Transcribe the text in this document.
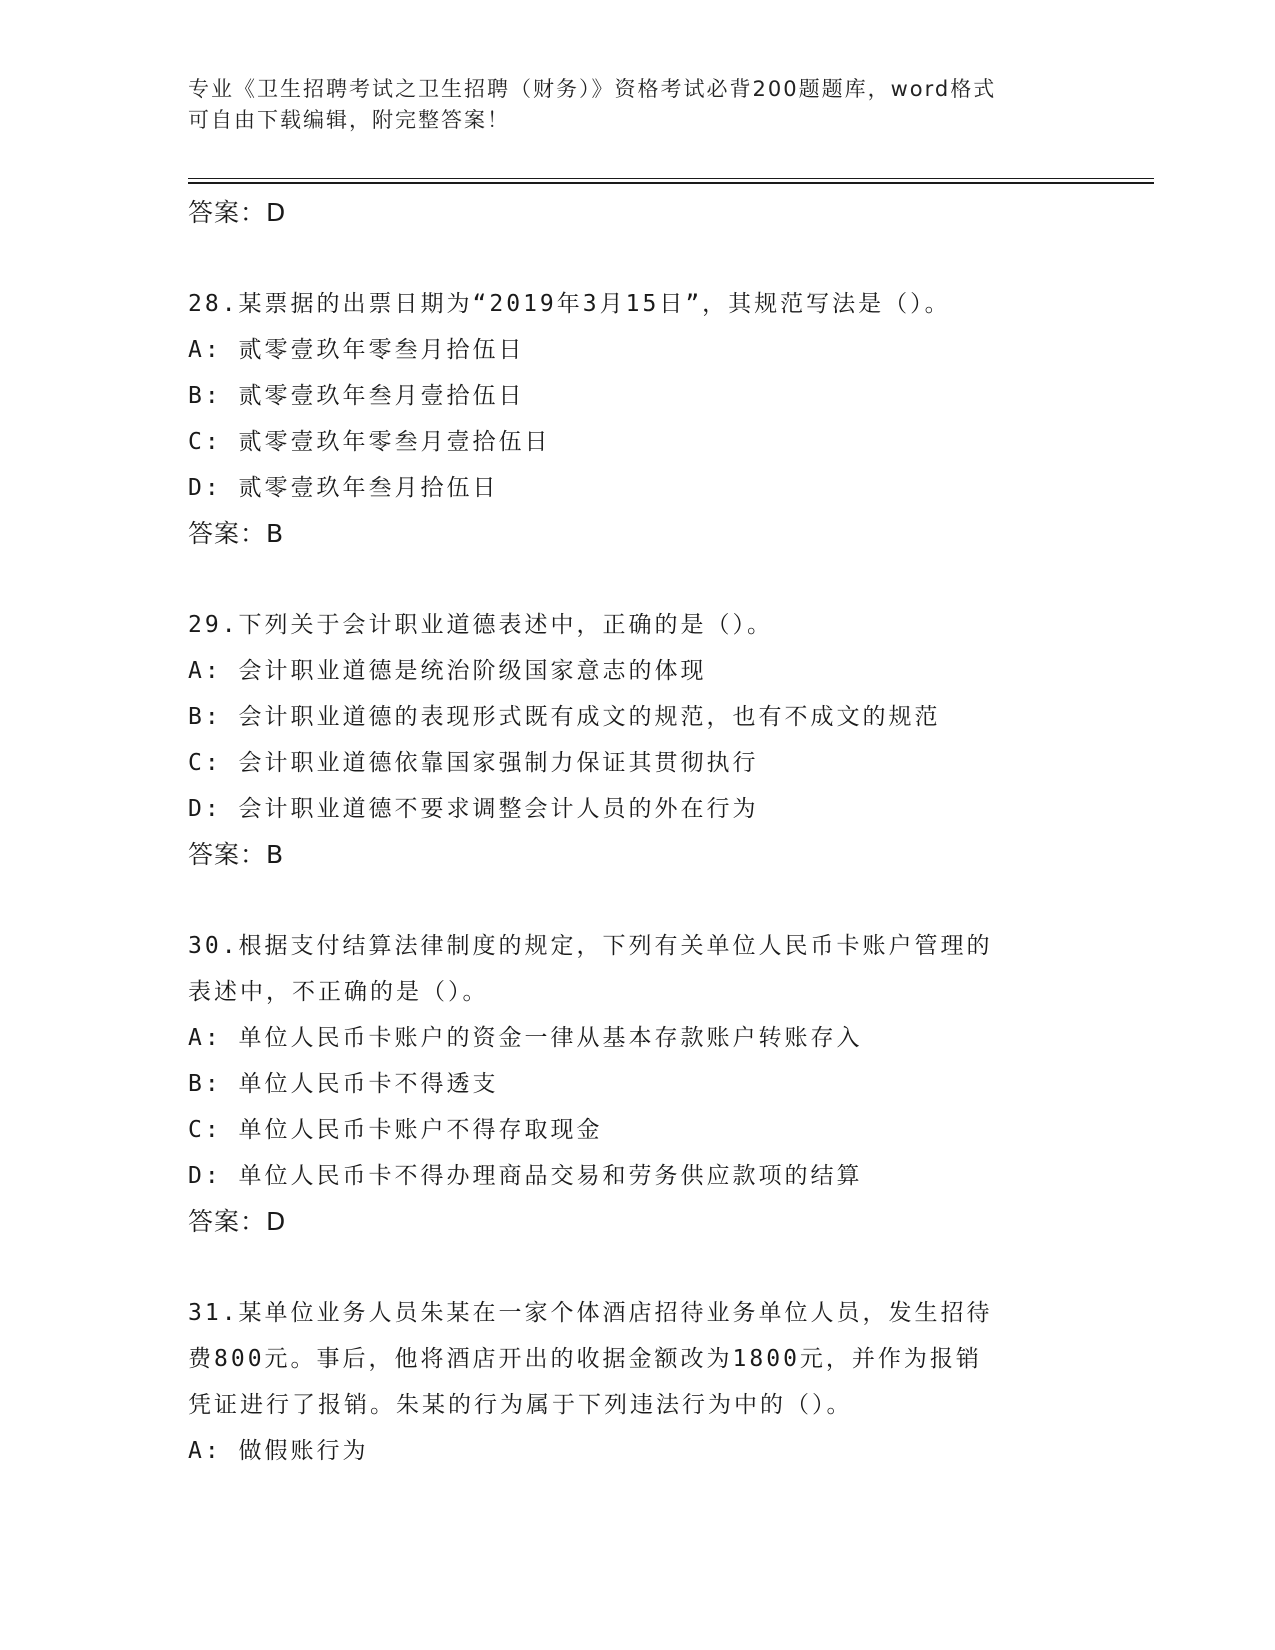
专业《卫生招聘考试之卫生招聘（财务）》资格考试必背200题题库，word格式
可自由下载编辑，附完整答案！
答案：D
28.某票据的出票日期为“2019年3月15日”，其规范写法是（）。
A: 贰零壹玖年零叁月拾伍日
B: 贰零壹玖年叁月壹拾伍日
C: 贰零壹玖年零叁月壹拾伍日
D: 贰零壹玖年叁月拾伍日
答案：B
29.下列关于会计职业道德表述中，正确的是（）。
A: 会计职业道德是统治阶级国家意志的体现
B: 会计职业道德的表现形式既有成文的规范，也有不成文的规范
C: 会计职业道德依靠国家强制力保证其贯彻执行
D: 会计职业道德不要求调整会计人员的外在行为
答案：B
30.根据支付结算法律制度的规定，下列有关单位人民币卡账户管理的
表述中，不正确的是（）。
A: 单位人民币卡账户的资金一律从基本存款账户转账存入
B: 单位人民币卡不得透支
C: 单位人民币卡账户不得存取现金
D: 单位人民币卡不得办理商品交易和劳务供应款项的结算
答案：D
31.某单位业务人员朱某在一家个体酒店招待业务单位人员，发生招待
费800元。事后，他将酒店开出的收据金额改为1800元，并作为报销
凭证进行了报销。朱某的行为属于下列违法行为中的（）。
A: 做假账行为
